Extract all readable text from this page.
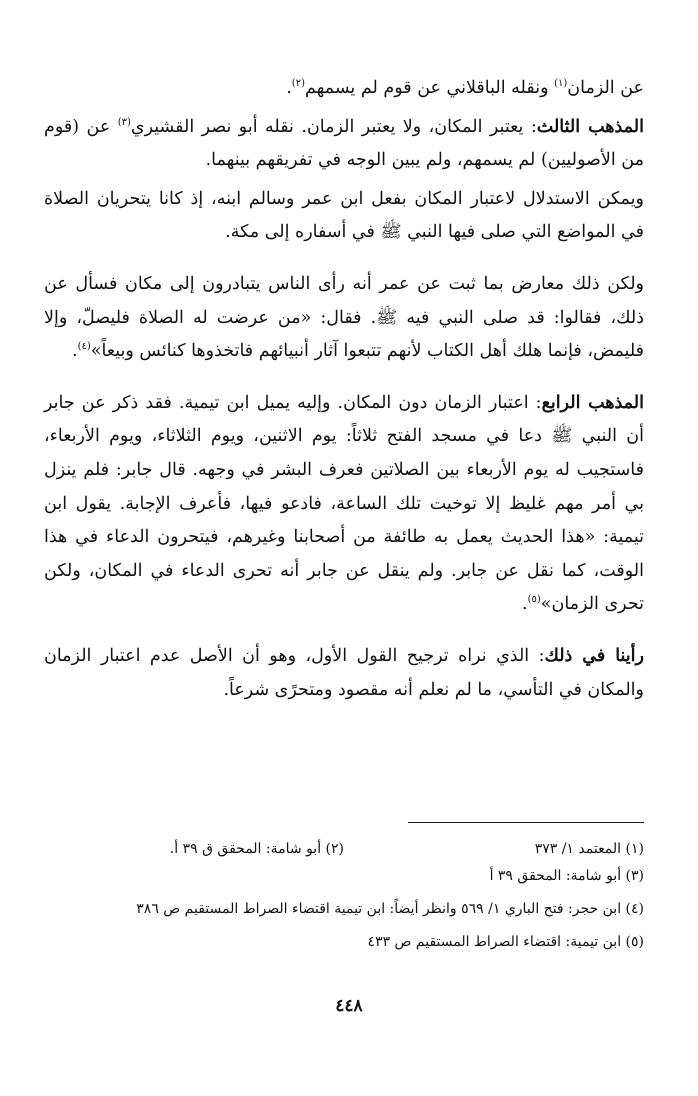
عن الزمان$^{(١)}$ ونقله الباقلاني عن قوم لم يسمهم$^{(٢)}$.

المذهب الثالث: يعتبر المكان، ولا يعتبر الزمان. نقله أبو نصر القشيري$^{(٣)}$ عن (قوم من الأصوليين) لم يسمهم، ولم يبين الوجه في تفريقهم بينهما.

ويمكن الاستدلال لاعتبار المكان بفعل ابن عمر وسالم ابنه، إذ كانا يتحريان الصلاة في المواضع التي صلى فيها النبي ﷺ في أسفاره إلى مكة.

ولكن ذلك معارض بما ثبت عن عمر أنه رأى الناس يتبادرون إلى مكان فسأل عن ذلك، فقالوا: قد صلى النبي فيه ﷺ. فقال: «من عرضت له الصلاة فليصلّ، وإلا فليمض، فإنما هلك أهل الكتاب لأنهم تتبعوا آثار أنبيائهم فاتخذوها كنائس وبيعاً»$^{(٤)}$.

المذهب الرابع: اعتبار الزمان دون المكان. وإليه يميل ابن تيمية. فقد ذكر عن جابر أن النبي ﷺ دعا في مسجد الفتح ثلاثاً: يوم الاثنين، ويوم الثلاثاء، ويوم الأربعاء، فاستجيب له يوم الأربعاء بين الصلاتين فعرف البشر في وجهه. قال جابر: فلم ينزل بي أمر مهم غليظ إلا توخيت تلك الساعة، فادعو فيها، فأعرف الإجابة. يقول ابن تيمية: «هذا الحديث يعمل به طائفة من أصحابنا وغيرهم، فيتحرون الدعاء في هذا الوقت، كما نقل عن جابر. ولم ينقل عن جابر أنه تحرى الدعاء في المكان، ولكن تحرى الزمان»$^{(٥)}$.

رأينا في ذلك: الذي نراه ترجيح القول الأول، وهو أن الأصل عدم اعتبار الزمان والمكان في التأسي، ما لم نعلم أنه مقصود ومتحرًى شرعاً.

(١) المعتمد ١/ ٣٧٣
(٢) أبو شامة: المحقق ق ٣٩ أ.

(٣) أبو شامة: المحقق ٣٩ أ

(٤) ابن حجر: فتح الباري ١/ ٥٦٩ وانظر أيضاً: ابن تيمية اقتضاء الصراط المستقيم ص ٣٨٦

(٥) ابن تيمية: اقتضاء الصراط المستقيم ص ٤٣٣

٤٤٨
